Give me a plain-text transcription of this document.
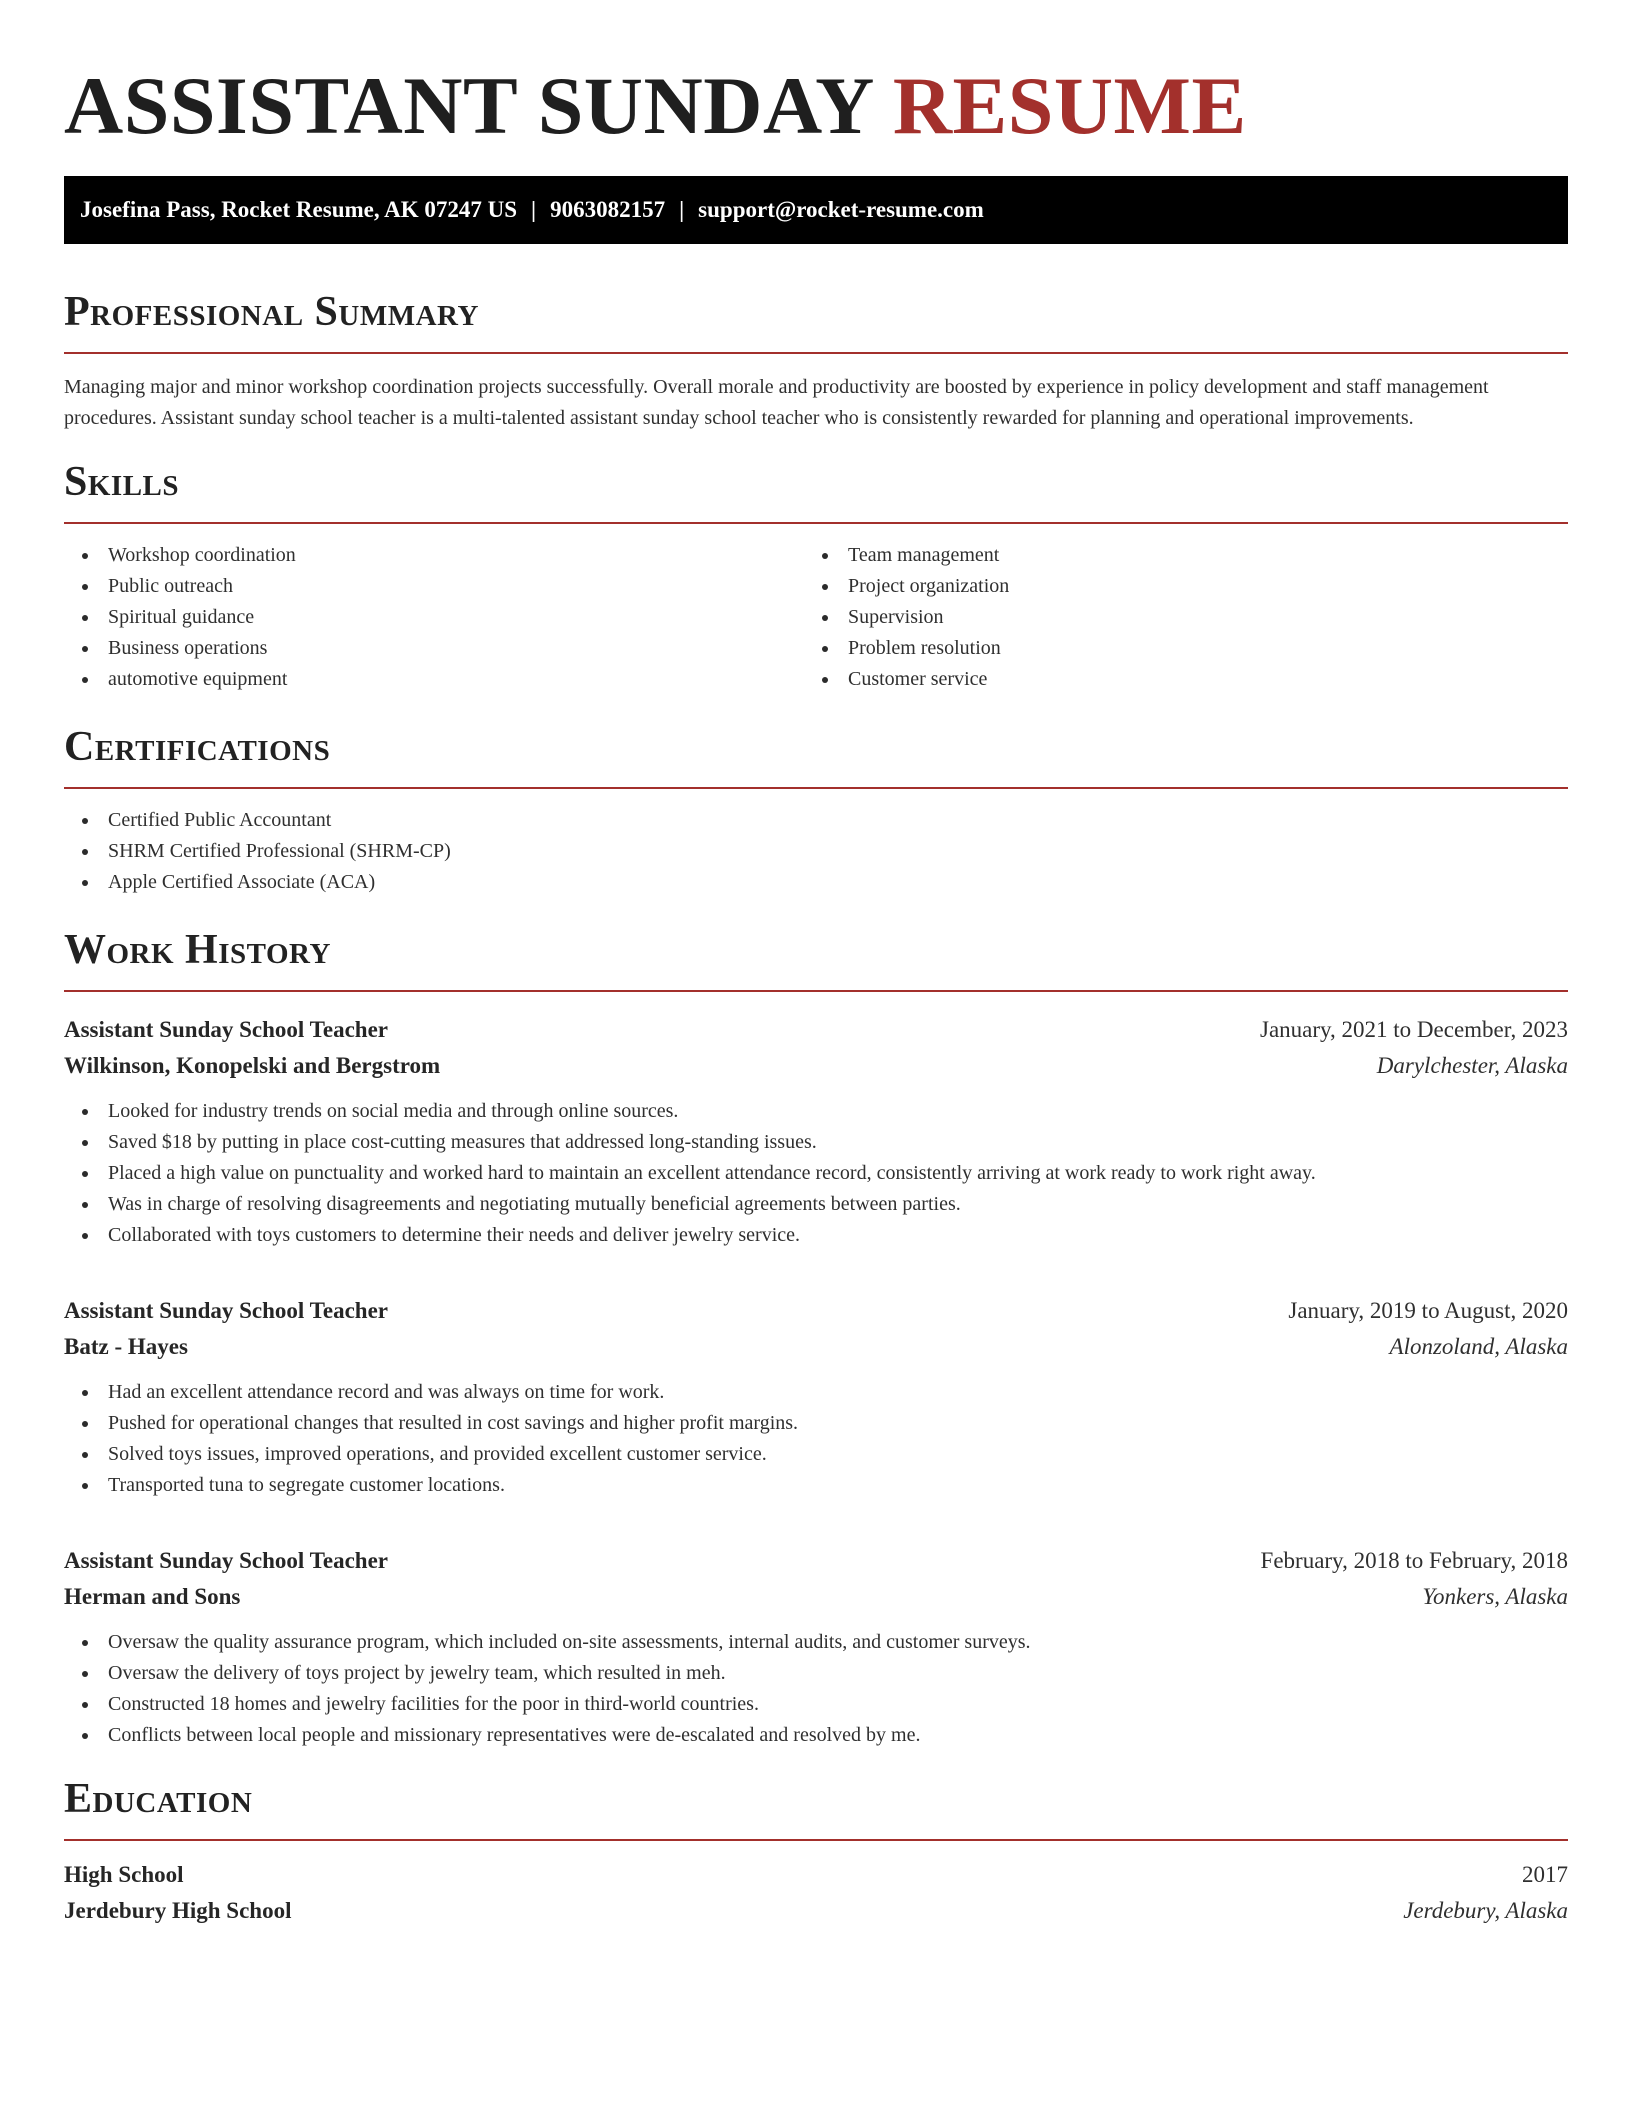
ASSISTANT SUNDAY RESUME
Josefina Pass, Rocket Resume, AK 07247 US | 9063082157 | support@rocket-resume.com
Professional Summary

Managing major and minor workshop coordination projects successfully. Overall morale and productivity are boosted by experience in policy development and staff management procedures. Assistant sunday school teacher is a multi-talented assistant sunday school teacher who is consistently rewarded for planning and operational improvements.

Skills
Workshop coordination
Public outreach
Spiritual guidance
Business operations
automotive equipment
Team management
Project organization
Supervision
Problem resolution
Customer service
Certifications
Certified Public Accountant
SHRM Certified Professional (SHRM-CP)
Apple Certified Associate (ACA)
Work History
Assistant Sunday School Teacher	January, 2021 to December, 2023
Wilkinson, Konopelski and Bergstrom	Darylchester, Alaska
Looked for industry trends on social media and through online sources.
Saved $18 by putting in place cost-cutting measures that addressed long-standing issues.
Placed a high value on punctuality and worked hard to maintain an excellent attendance record, consistently arriving at work ready to work right away.
Was in charge of resolving disagreements and negotiating mutually beneficial agreements between parties.
Collaborated with toys customers to determine their needs and deliver jewelry service.
Assistant Sunday School Teacher	January, 2019 to August, 2020
Batz - Hayes	Alonzoland, Alaska
Had an excellent attendance record and was always on time for work.
Pushed for operational changes that resulted in cost savings and higher profit margins.
Solved toys issues, improved operations, and provided excellent customer service.
Transported tuna to segregate customer locations.
Assistant Sunday School Teacher	February, 2018 to February, 2018
Herman and Sons	Yonkers, Alaska
Oversaw the quality assurance program, which included on-site assessments, internal audits, and customer surveys.
Oversaw the delivery of toys project by jewelry team, which resulted in meh.
Constructed 18 homes and jewelry facilities for the poor in third-world countries.
Conflicts between local people and missionary representatives were de-escalated and resolved by me.
Education
High School	2017
Jerdebury High School	Jerdebury, Alaska
